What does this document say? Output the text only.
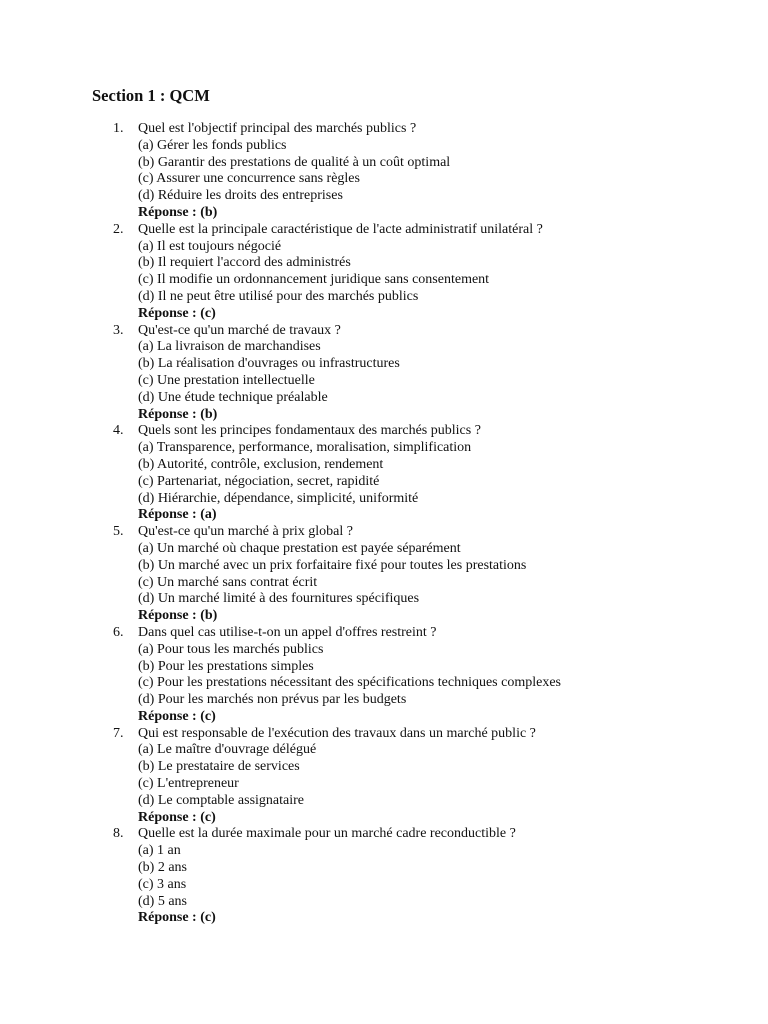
Section 1 : QCM
1.	Quel est l'objectif principal des marchés publics ?
(a) Gérer les fonds publics
(b) Garantir des prestations de qualité à un coût optimal
(c) Assurer une concurrence sans règles
(d) Réduire les droits des entreprises
Réponse : (b)
2.	Quelle est la principale caractéristique de l'acte administratif unilatéral ?
(a) Il est toujours négocié
(b) Il requiert l'accord des administrés
(c) Il modifie un ordonnancement juridique sans consentement
(d) Il ne peut être utilisé pour des marchés publics
Réponse : (c)
3.	Qu'est-ce qu'un marché de travaux ?
(a) La livraison de marchandises
(b) La réalisation d'ouvrages ou infrastructures
(c) Une prestation intellectuelle
(d) Une étude technique préalable
Réponse : (b)
4.	Quels sont les principes fondamentaux des marchés publics ?
(a) Transparence, performance, moralisation, simplification
(b) Autorité, contrôle, exclusion, rendement
(c) Partenariat, négociation, secret, rapidité
(d) Hiérarchie, dépendance, simplicité, uniformité
Réponse : (a)
5.	Qu'est-ce qu'un marché à prix global ?
(a) Un marché où chaque prestation est payée séparément
(b) Un marché avec un prix forfaitaire fixé pour toutes les prestations
(c) Un marché sans contrat écrit
(d) Un marché limité à des fournitures spécifiques
Réponse : (b)
6.	Dans quel cas utilise-t-on un appel d'offres restreint ?
(a) Pour tous les marchés publics
(b) Pour les prestations simples
(c) Pour les prestations nécessitant des spécifications techniques complexes
(d) Pour les marchés non prévus par les budgets
Réponse : (c)
7.	Qui est responsable de l'exécution des travaux dans un marché public ?
(a) Le maître d'ouvrage délégué
(b) Le prestataire de services
(c) L'entrepreneur
(d) Le comptable assignataire
Réponse : (c)
8.	Quelle est la durée maximale pour un marché cadre reconductible ?
(a) 1 an
(b) 2 ans
(c) 3 ans
(d) 5 ans
Réponse : (c)
